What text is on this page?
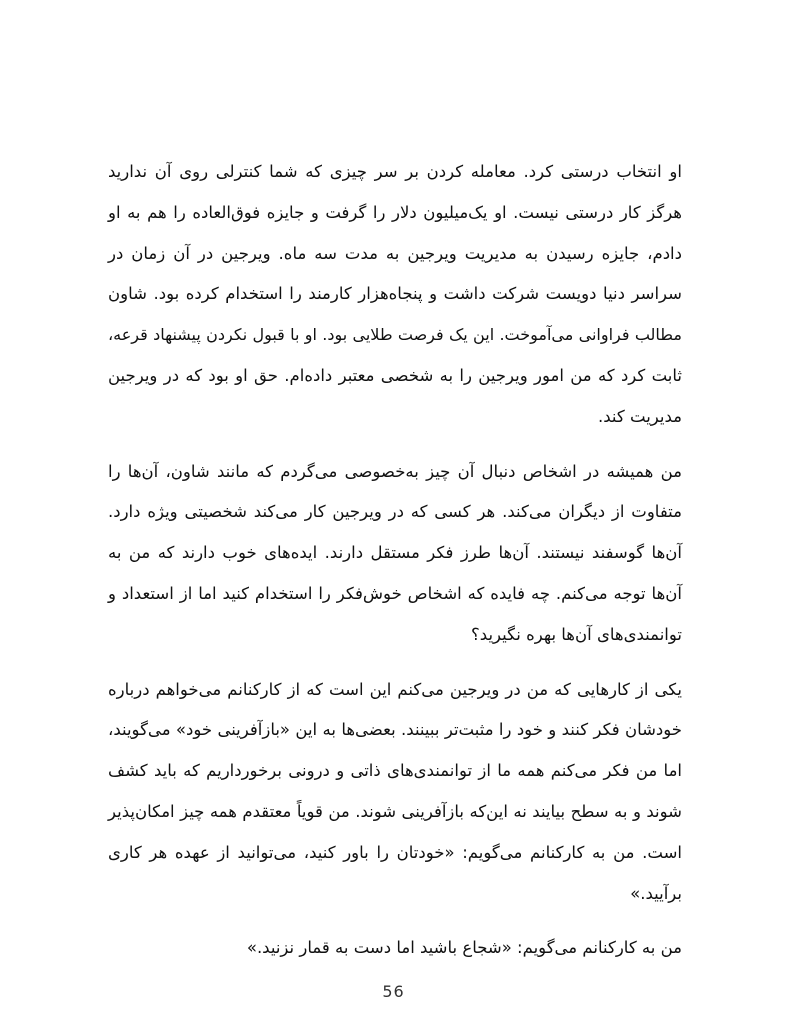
او انتخاب درستی کرد. معامله کردن بر سر چیزی که شما کنترلی روی آن ندارید
هرگز کار درستی نیست. او یک‌میلیون دلار را گرفت و جایزه فوق‌العاده را هم به او
دادم، جایزه رسیدن به مدیریت ویرجین به مدت سه ماه. ویرجین در آن زمان در
سراسر دنیا دویست شرکت داشت و پنجاه‌هزار کارمند را استخدام کرده بود. شاون
مطالب فراوانی می‌آموخت. این یک فرصت طلایی بود. او با قبول نکردن پیشنهاد قرعه،
ثابت کرد که من امور ویرجین را به شخصی معتبر داده‌ام. حق او بود که در ویرجین
مدیریت کند.
من همیشه در اشخاص دنبال آن چیز به‌خصوصی می‌گردم که مانند شاون، آن‌ها را
متفاوت از دیگران می‌کند. هر کسی که در ویرجین کار می‌کند شخصیتی ویژه دارد.
آن‌ها گوسفند نیستند. آن‌ها طرز فکر مستقل دارند. ایده‌های خوب دارند که من به
آن‌ها توجه می‌کنم. چه فایده که اشخاص خوش‌فکر را استخدام کنید اما از استعداد و
توانمندی‌های آن‌ها بهره نگیرید؟
یکی از کارهایی که من در ویرجین می‌کنم این است که از کارکنانم می‌خواهم درباره
خودشان فکر کنند و خود را مثبت‌تر ببینند. بعضی‌ها به این «بازآفرینی خود» می‌گویند،
اما من فکر می‌کنم همه ما از توانمندی‌های ذاتی و درونی برخورداریم که باید کشف
شوند و به سطح بیایند نه این‌که بازآفرینی شوند. من قویاً معتقدم همه چیز امکان‌پذیر
است. من به کارکنانم می‌گویم: «خودتان را باور کنید، می‌توانید از عهده هر کاری
برآیید.»
من به کارکنانم می‌گویم: «شجاع باشید اما دست به قمار نزنید.»
56
